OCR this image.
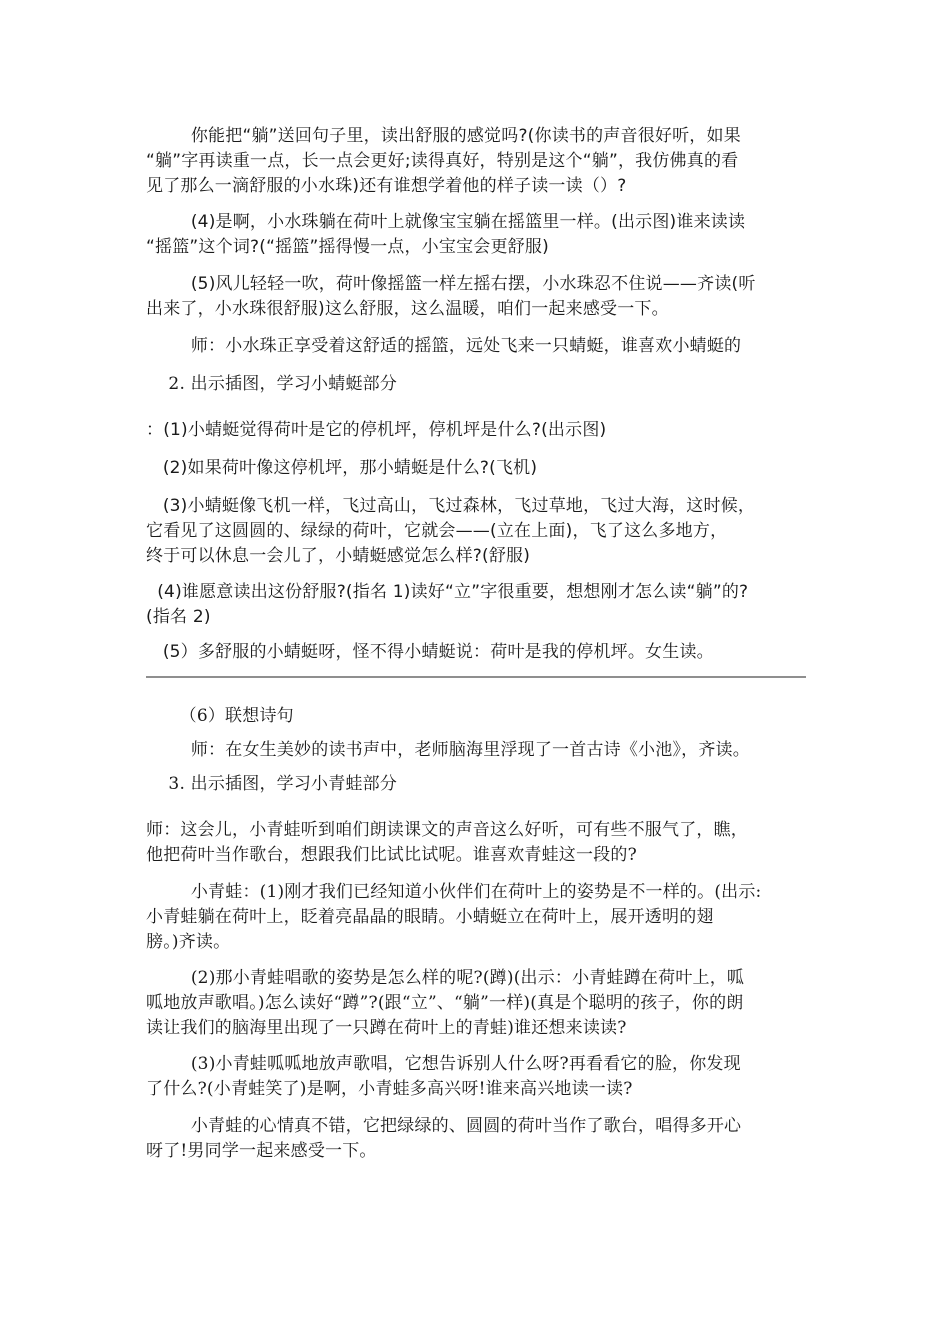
你能把“躺”送回句子里，读出舒服的感觉吗?(你读书的声音很好听，如果
“躺”字再读重一点，长一点会更好;读得真好，特别是这个“躺”，我仿佛真的看
见了那么一滴舒服的小水珠)还有谁想学着他的样子读一读（）?

(4)是啊，小水珠躺在荷叶上就像宝宝躺在摇篮里一样。(出示图)谁来读读
“摇篮”这个词?(“摇篮”摇得慢一点，小宝宝会更舒服)

(5)风儿轻轻一吹，荷叶像摇篮一样左摇右摆，小水珠忍不住说——齐读(听
出来了，小水珠很舒服)这么舒服，这么温暖，咱们一起来感受一下。

师：小水珠正享受着这舒适的摇篮，远处飞来一只蜻蜓，谁喜欢小蜻蜓的

2. 出示插图，学习小蜻蜓部分

：(1)小蜻蜓觉得荷叶是它的停机坪，停机坪是什么?(出示图)

(2)如果荷叶像这停机坪，那小蜻蜓是什么?(飞机)

(3)小蜻蜓像飞机一样，飞过高山，飞过森林，飞过草地，飞过大海，这时候，
它看见了这圆圆的、绿绿的荷叶，它就会——(立在上面)，飞了这么多地方，
终于可以休息一会儿了，小蜻蜓感觉怎么样?(舒服)

(4)谁愿意读出这份舒服?(指名 1)读好“立”字很重要，想想刚才怎么读“躺”的?
(指名 2)

(5）多舒服的小蜻蜓呀，怪不得小蜻蜓说：荷叶是我的停机坪。女生读。

（6）联想诗句

师：在女生美妙的读书声中，老师脑海里浮现了一首古诗《小池》，齐读。

3. 出示插图，学习小青蛙部分

师：这会儿，小青蛙听到咱们朗读课文的声音这么好听，可有些不服气了，瞧，
他把荷叶当作歌台，想跟我们比试比试呢。谁喜欢青蛙这一段的?

小青蛙：(1)刚才我们已经知道小伙伴们在荷叶上的姿势是不一样的。(出示:
小青蛙躺在荷叶上，眨着亮晶晶的眼睛。小蜻蜓立在荷叶上，展开透明的翅
膀。)齐读。

(2)那小青蛙唱歌的姿势是怎么样的呢?(蹲)(出示：小青蛙蹲在荷叶上，呱
呱地放声歌唱。)怎么读好“蹲”?(跟“立”、“躺”一样)(真是个聪明的孩子，你的朗
读让我们的脑海里出现了一只蹲在荷叶上的青蛙)谁还想来读读?

(3)小青蛙呱呱地放声歌唱，它想告诉别人什么呀?再看看它的脸，你发现
了什么?(小青蛙笑了)是啊，小青蛙多高兴呀!谁来高兴地读一读?

小青蛙的心情真不错，它把绿绿的、圆圆的荷叶当作了歌台，唱得多开心
呀了!男同学一起来感受一下。
